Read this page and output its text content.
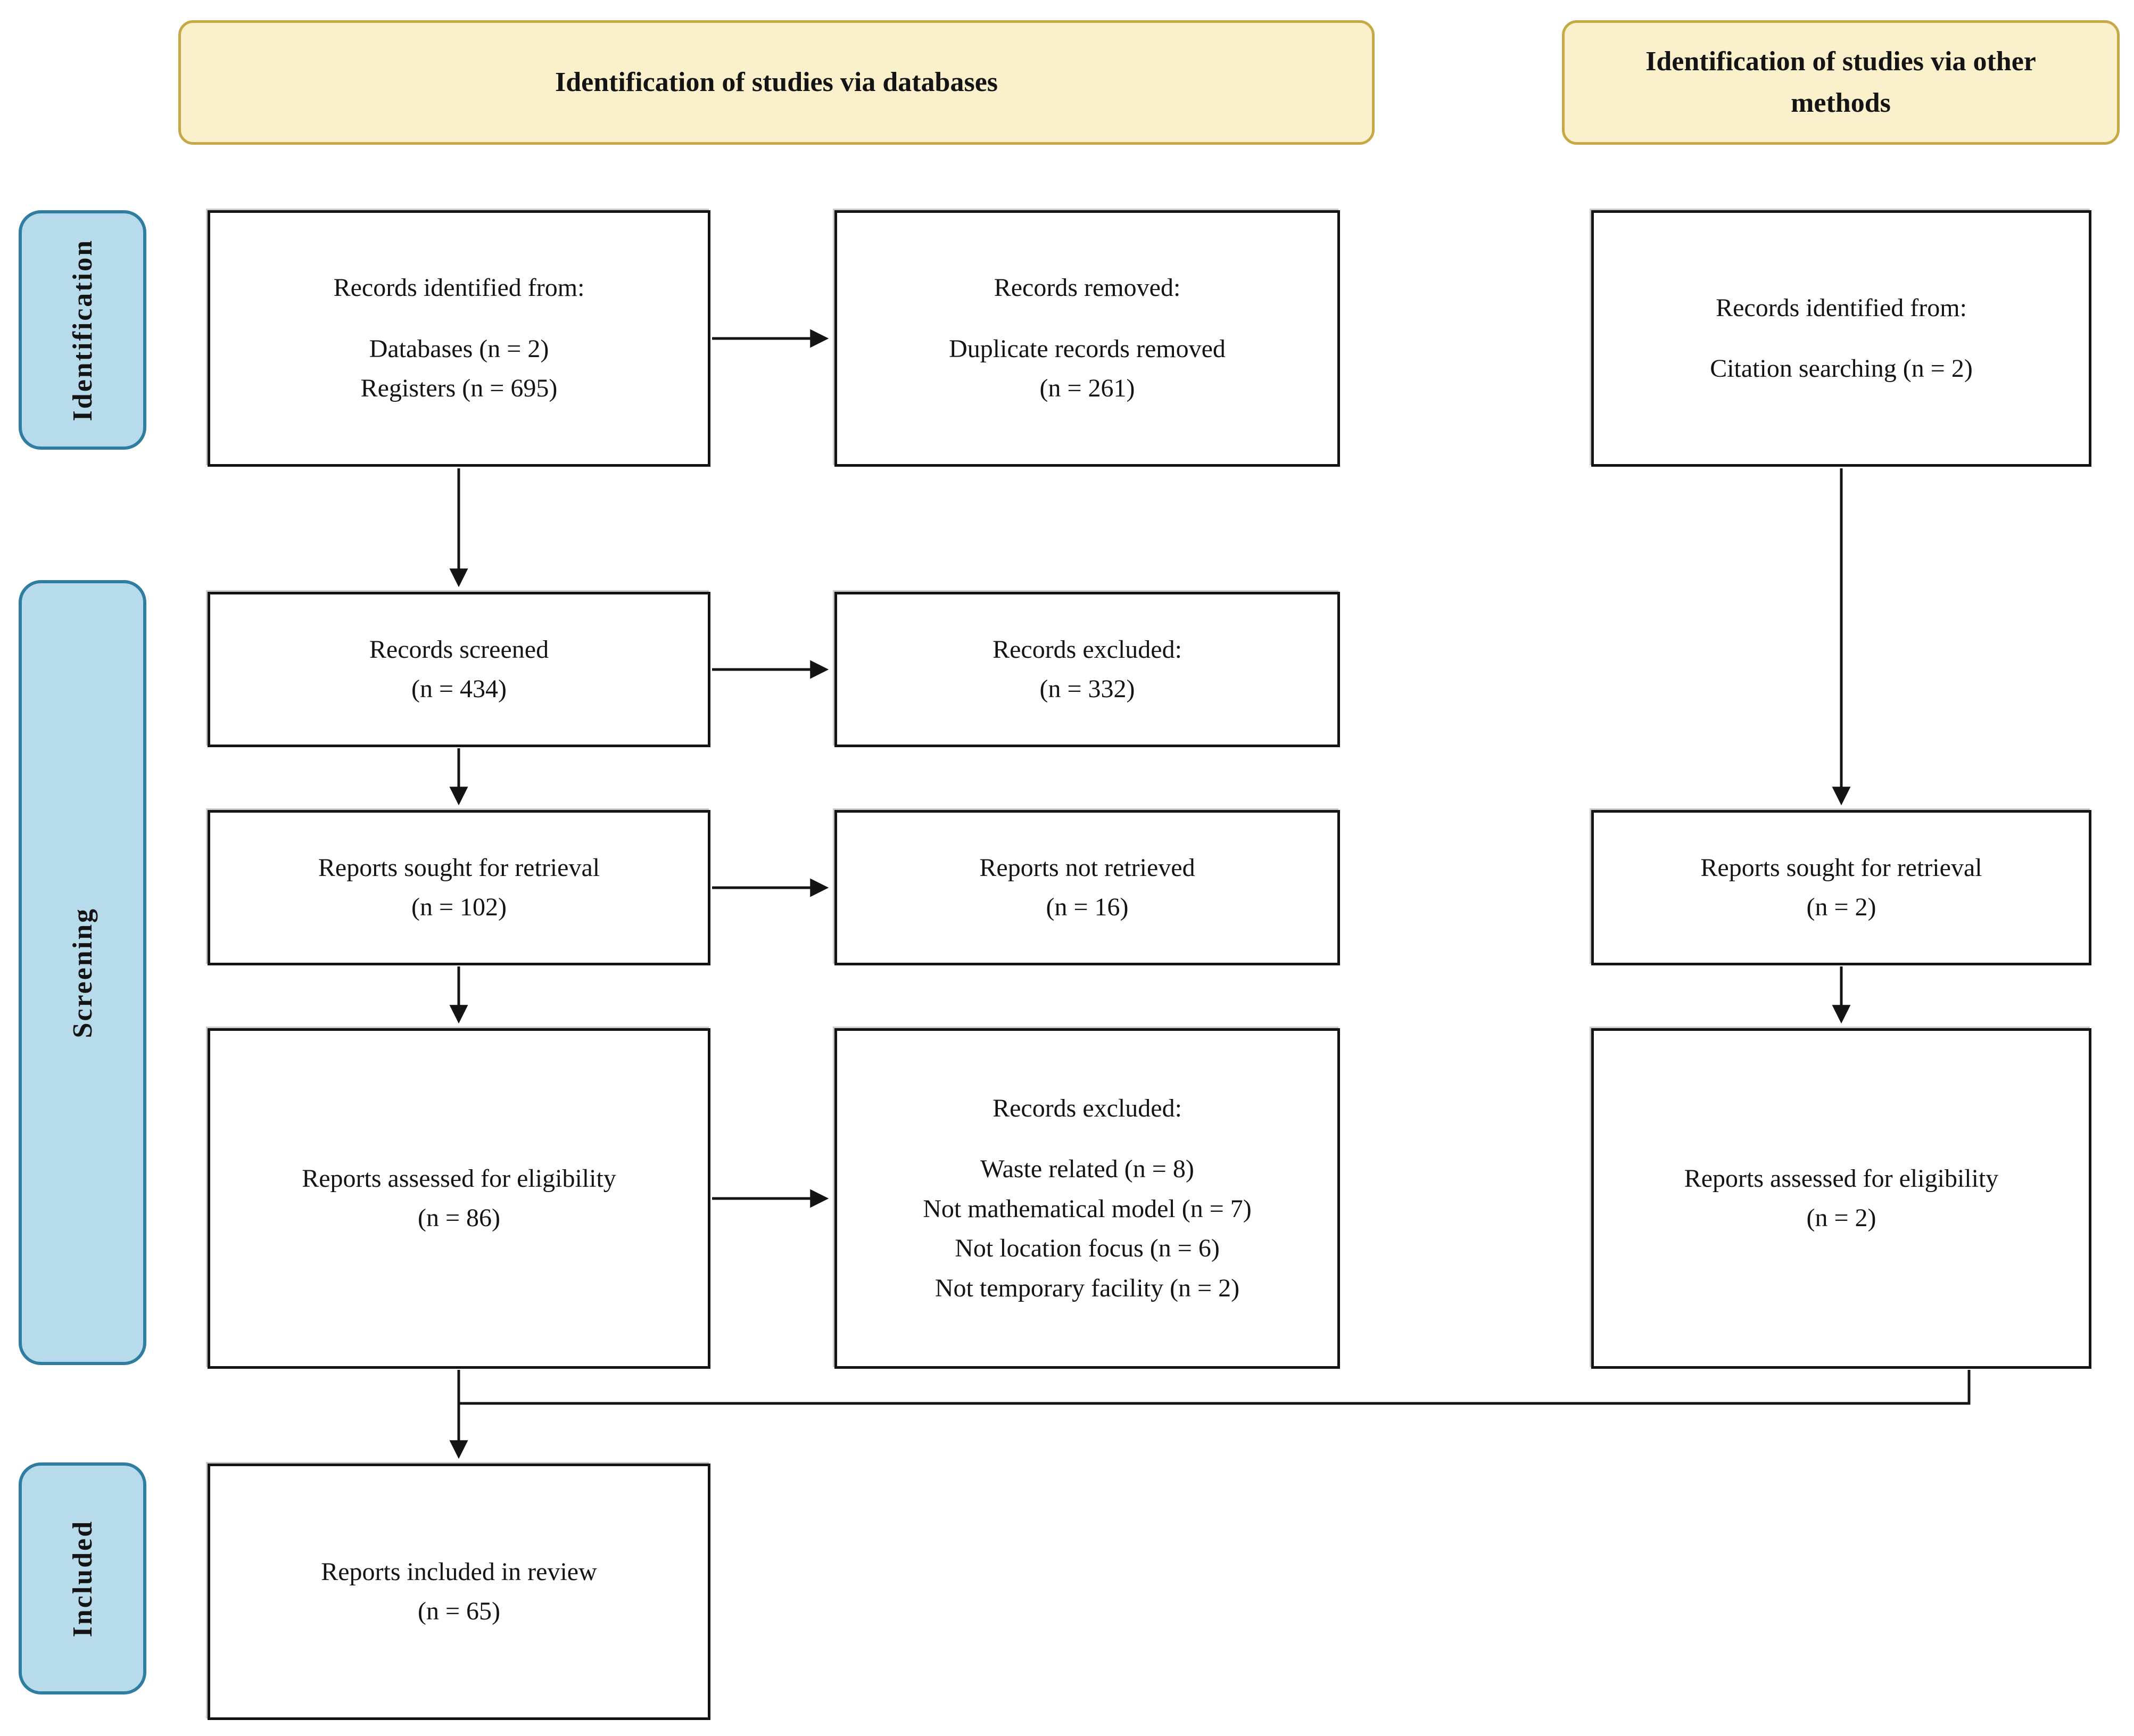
Identification of studies via databases
Identification of studies via other methods
Identification
Screening
Included
Records identified from:
Databases (n = 2)
Registers (n = 695)
Records removed:
Duplicate records removed
(n = 261)
Records identified from:
Citation searching (n = 2)
Records screened
(n = 434)
Records excluded:
(n = 332)
Reports sought for retrieval
(n = 102)
Reports not retrieved
(n = 16)
Reports sought for retrieval
(n = 2)
Reports assessed for eligibility
(n = 86)
Records excluded:
Waste related (n = 8)
Not mathematical model (n = 7)
Not location focus (n = 6)
Not temporary facility (n = 2)
Reports assessed for eligibility
(n = 2)
Reports included in review
(n = 65)
